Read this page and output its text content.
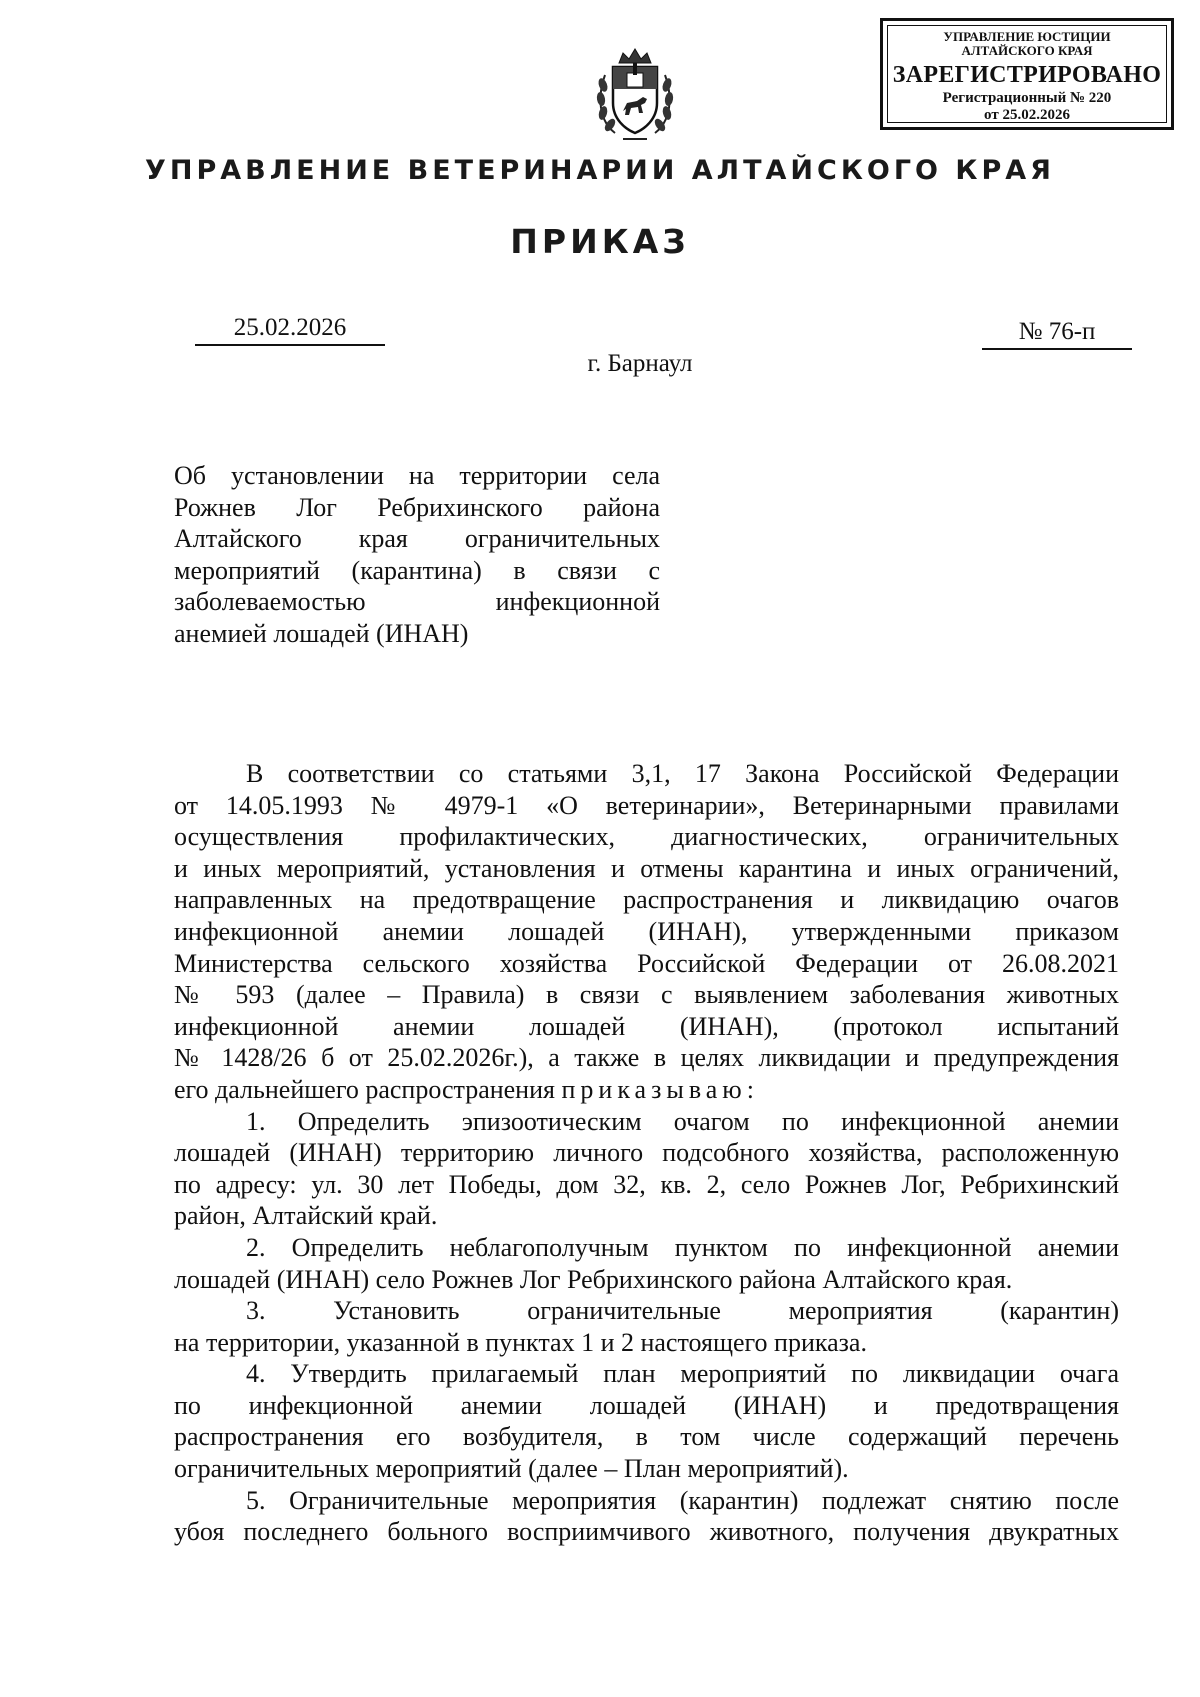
УПРАВЛЕНИЕ ЮСТИЦИИ
АЛТАЙСКОГО КРАЯ
ЗАРЕГИСТРИРОВАНО
Регистрационный № 220
от 25.02.2026
УПРАВЛЕНИЕ ВЕТЕРИНАРИИ АЛТАЙСКОГО КРАЯ
ПРИКАЗ
25.02.2026	№ 76-п
г. Барнаул
Об установлении на территории села
Рожнев Лог Ребрихинского района
Алтайского края ограничительных
мероприятий (карантина) в связи с
заболеваемостью инфекционной
анемией лошадей (ИНАН)
В соответствии со статьями 3,1, 17 Закона Российской Федерации
от 14.05.1993 № 4979-1 «О ветеринарии», Ветеринарными правилами
осуществления профилактических, диагностических, ограничительных
и иных мероприятий, установления и отмены карантина и иных ограничений,
направленных на предотвращение распространения и ликвидацию очагов
инфекционной анемии лошадей (ИНАН), утвержденными приказом
Министерства сельского хозяйства Российской Федерации от 26.08.2021
№ 593 (далее – Правила) в связи с выявлением заболевания животных
инфекционной анемии лошадей (ИНАН), (протокол испытаний
№ 1428/26 б от 25.02.2026г.), а также в целях ликвидации и предупреждения
его дальнейшего распространения приказываю:
1. Определить эпизоотическим очагом по инфекционной анемии
лошадей (ИНАН) территорию личного подсобного хозяйства, расположенную
по адресу: ул. 30 лет Победы, дом 32, кв. 2, село Рожнев Лог, Ребрихинский
район, Алтайский край.
2. Определить неблагополучным пунктом по инфекционной анемии
лошадей (ИНАН) село Рожнев Лог Ребрихинского района Алтайского края.
3. Установить ограничительные мероприятия (карантин)
на территории, указанной в пунктах 1 и 2 настоящего приказа.
4. Утвердить прилагаемый план мероприятий по ликвидации очага
по инфекционной анемии лошадей (ИНАН) и предотвращения
распространения его возбудителя, в том числе содержащий перечень
ограничительных мероприятий (далее – План мероприятий).
5. Ограничительные мероприятия (карантин) подлежат снятию после
убоя последнего больного восприимчивого животного, получения двукратных
